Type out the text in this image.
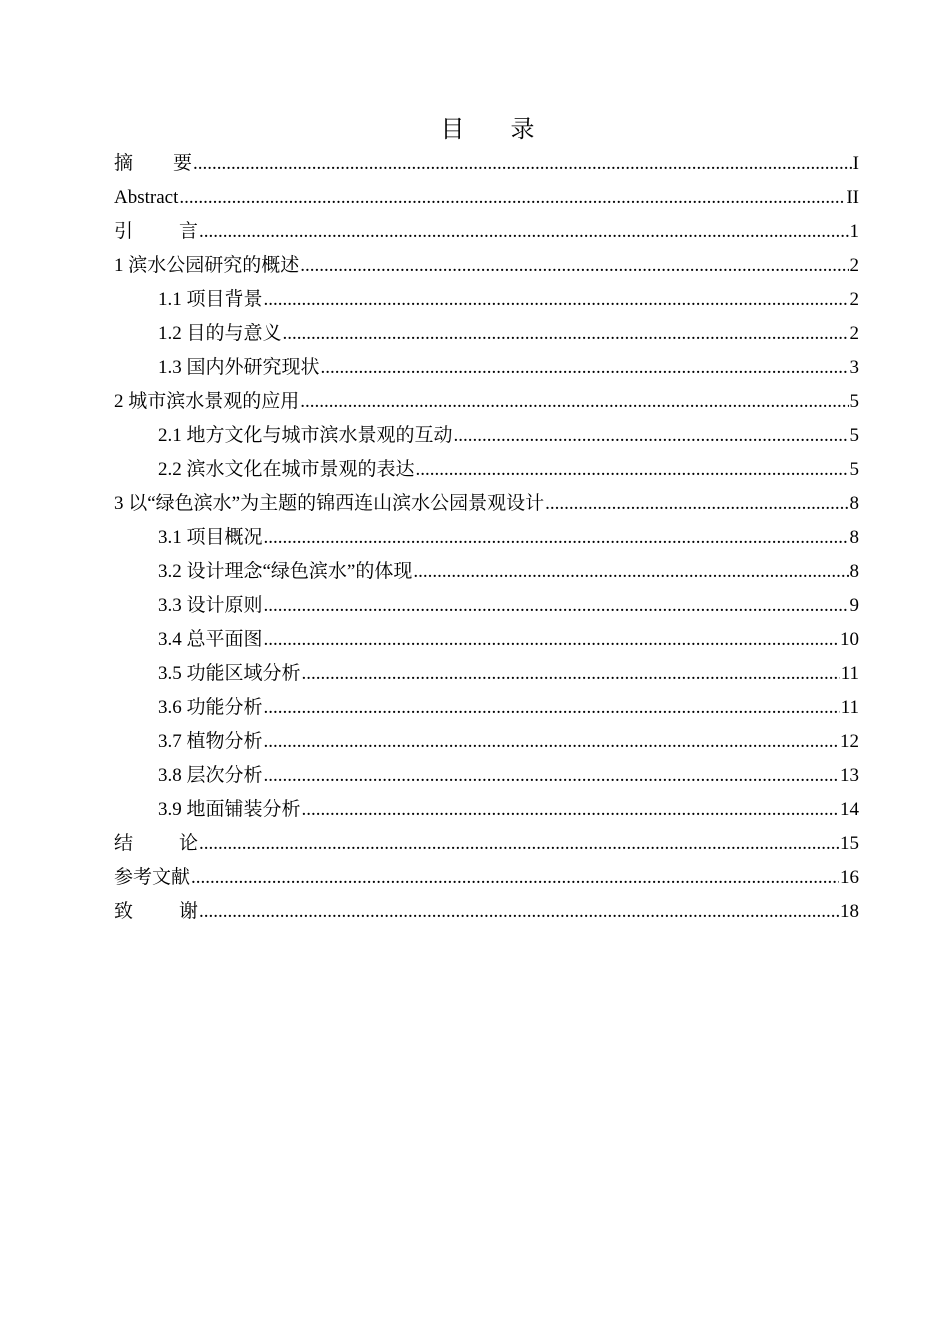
目 录
摘 要 .....	I
Abstract .....	II
引 言 .....	1
1 滨水公园研究的概述 .....	2
1.1 项目背景 .....	2
1.2 目的与意义 .....	2
1.3 国内外研究现状 .....	3
2 城市滨水景观的应用 .....	5
2.1 地方文化与城市滨水景观的互动 .....	5
2.2 滨水文化在城市景观的表达 .....	5
3 以“绿色滨水”为主题的锦西连山滨水公园景观设计 .....	8
3.1 项目概况 .....	8
3.2 设计理念“绿色滨水”的体现 .....	8
3.3 设计原则 .....	9
3.4 总平面图 .....	10
3.5 功能区域分析 .....	11
3.6 功能分析 .....	11
3.7 植物分析 .....	12
3.8 层次分析 .....	13
3.9 地面铺装分析 .....	14
结 论 .....	15
参考文献 .....	16
致 谢 .....	18
